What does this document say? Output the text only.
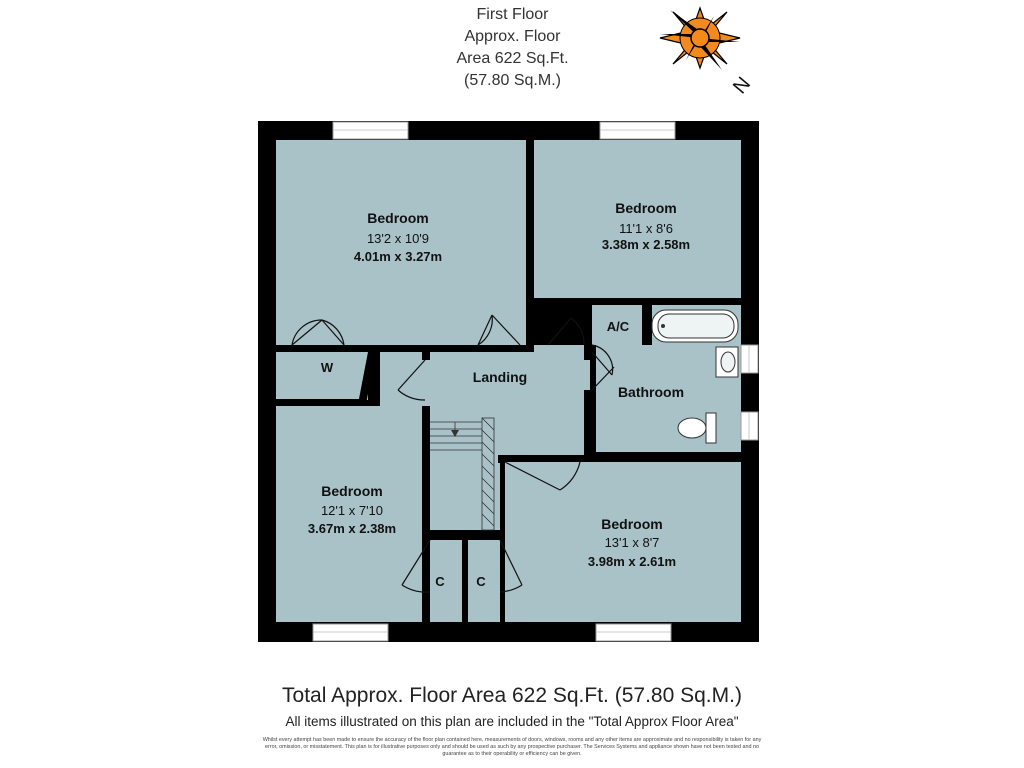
First Floor
Approx. Floor
Area 622 Sq.Ft.
(57.80 Sq.M.)	N
Bedroom
13'2 x 10'9
4.01m x 3.27m
Bedroom
11'1 x 8'6
3.38m x 2.58m
Bedroom
12'1 x 7'10
3.67m x 2.38m	Bedroom
13'1 x 8'7
3.98m x 2.61m
Landing
Bathroom
A/C
W
C C
Total Approx. Floor Area 622 Sq.Ft. (57.80 Sq.M.)
All items illustrated on this plan are included in the "Total Approx Floor Area"
Whilst every attempt has been made to ensure the accuracy of the floor plan contained here, measurements of doors, windows, rooms and any other items are approximate and no responsibility is taken for any error, omission, or misstatement. This plan is for illustrative purposes only and should be used as such by any prospective purchaser. The Services Systems and appliance shown have not been tested and no guarantee as to their operability or efficiency can be given.
